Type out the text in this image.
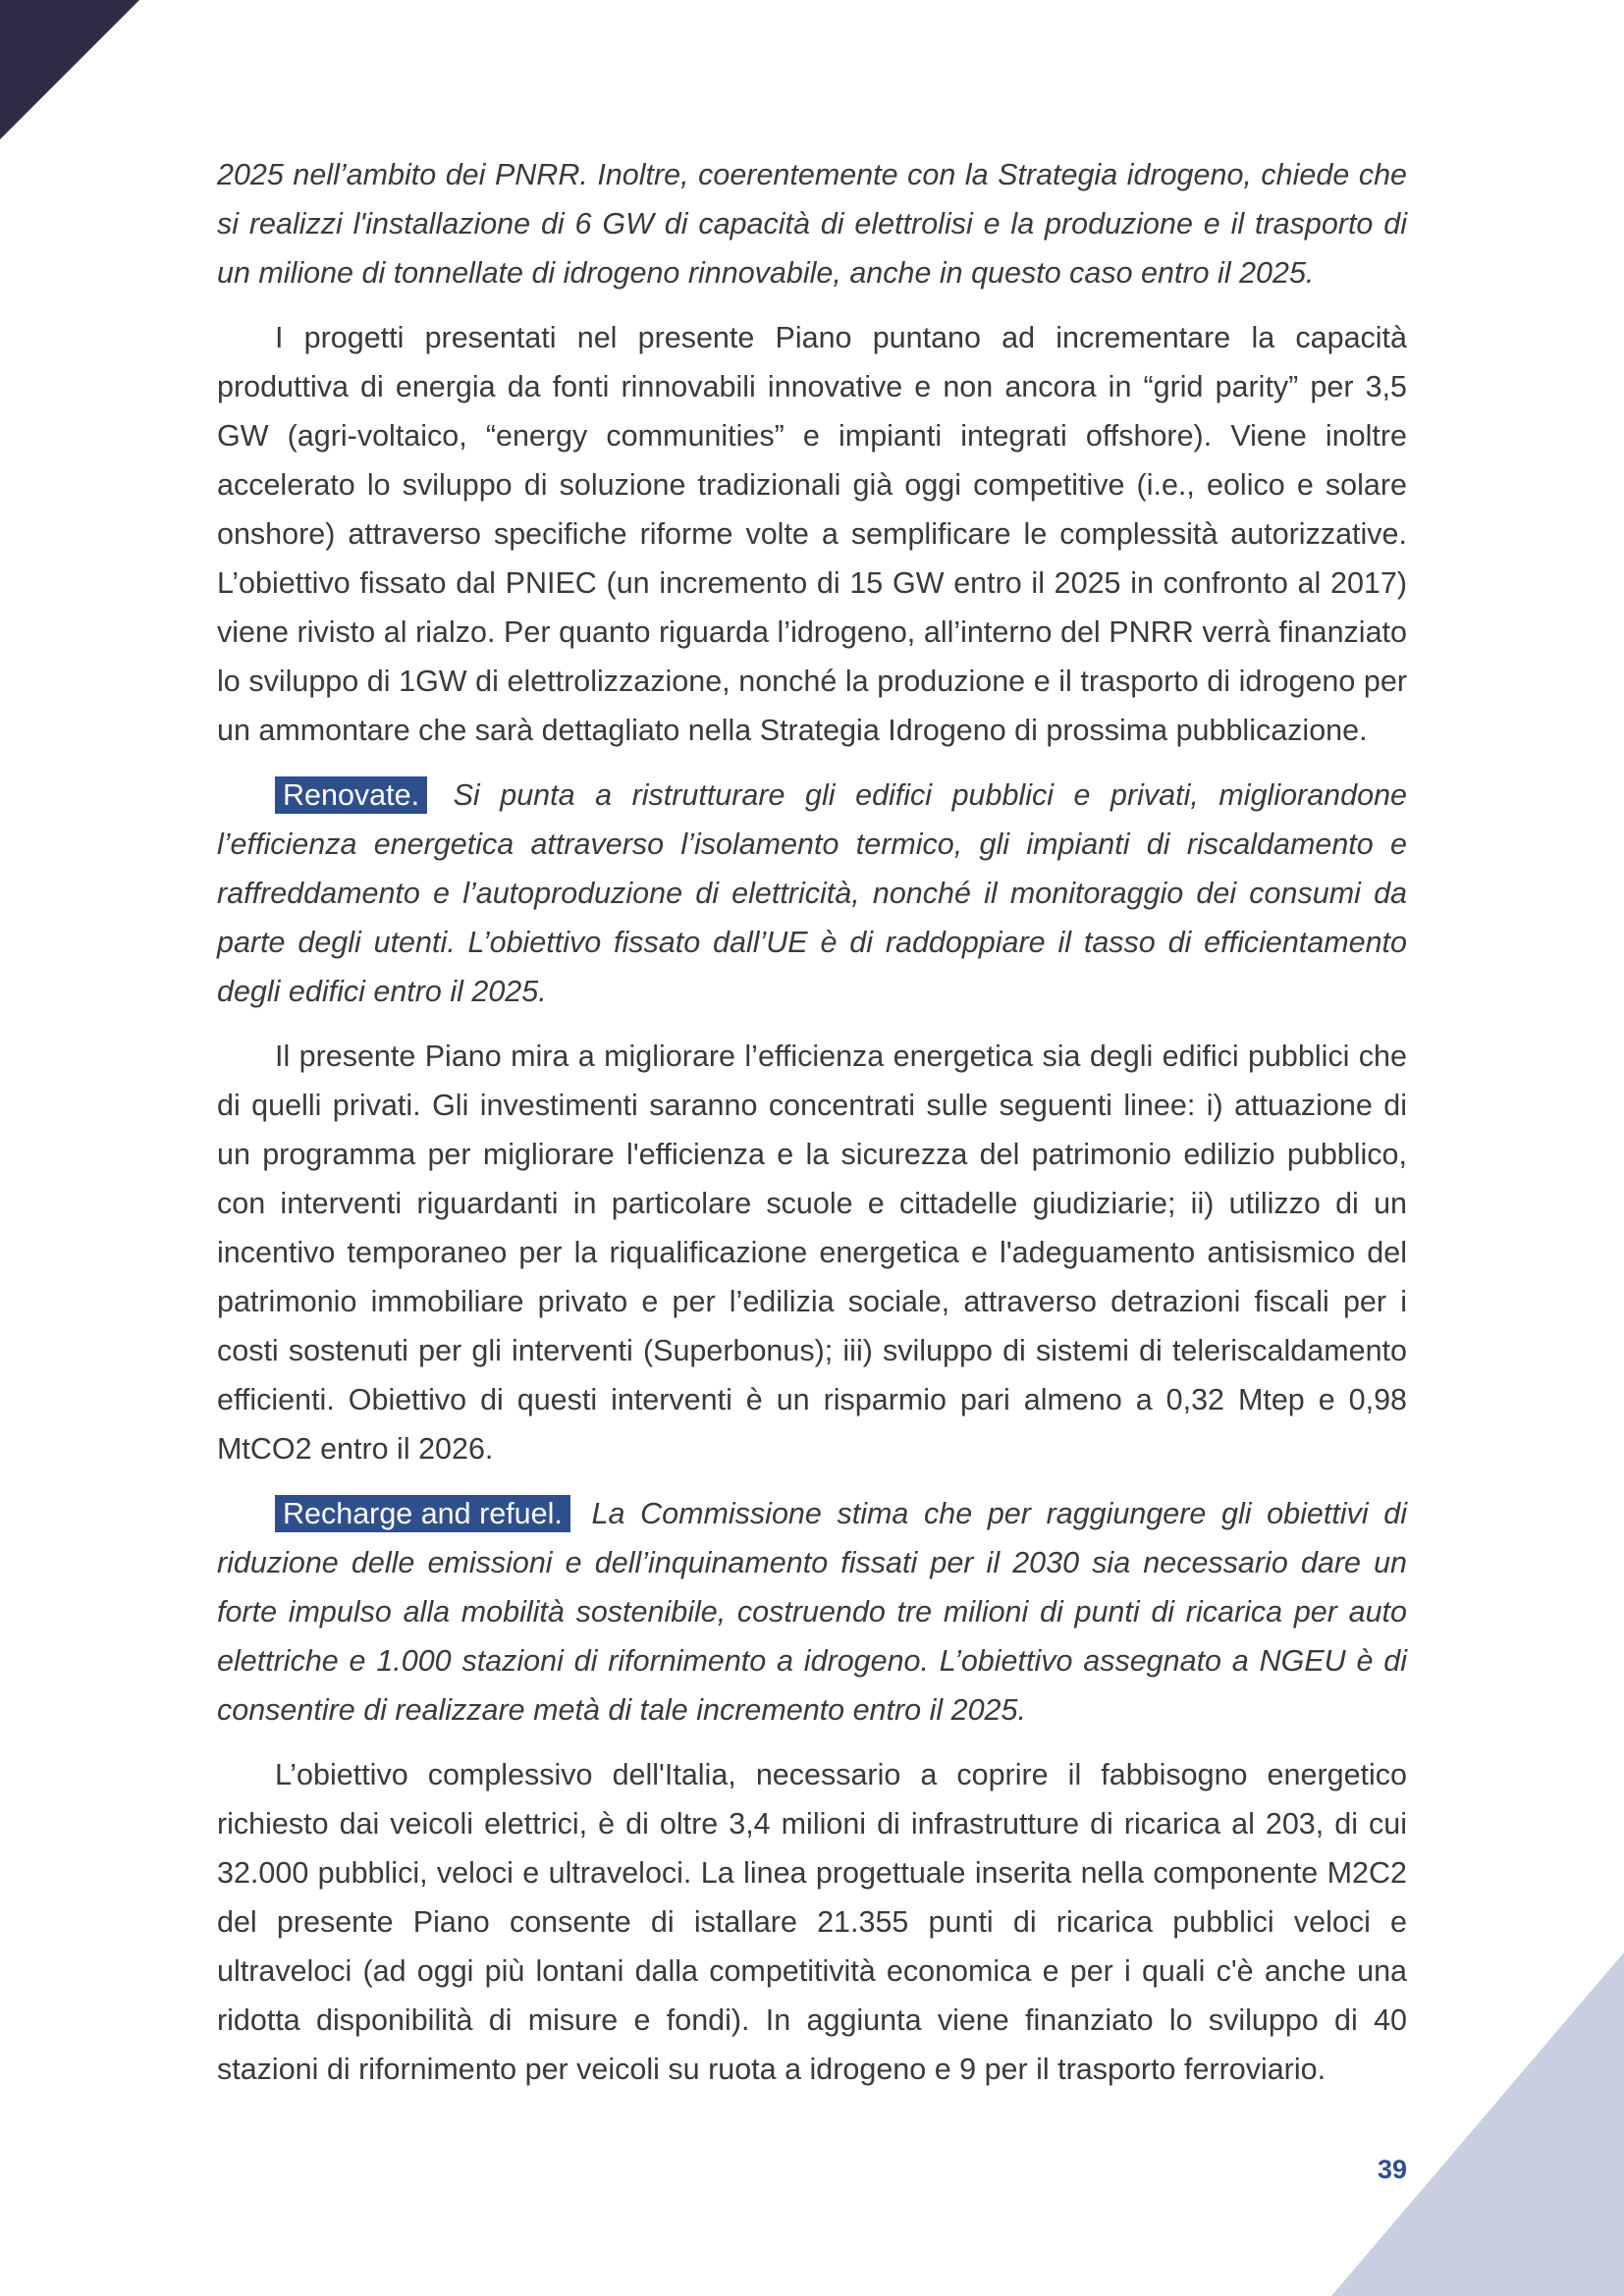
2025 nell’ambito dei PNRR. Inoltre, coerentemente con la Strategia idrogeno, chiede che si realizzi l'installazione di 6 GW di capacità di elettrolisi e la produzione e il trasporto di un milione di tonnellate di idrogeno rinnovabile, anche in questo caso entro il 2025.

I progetti presentati nel presente Piano puntano ad incrementare la capacità produttiva di energia da fonti rinnovabili innovative e non ancora in “grid parity” per 3,5 GW (agri-voltaico, “energy communities” e impianti integrati offshore). Viene inoltre accelerato lo sviluppo di soluzione tradizionali già oggi competitive (i.e., eolico e solare onshore) attraverso specifiche riforme volte a semplificare le complessità autorizzative. L’obiettivo fissato dal PNIEC (un incremento di 15 GW entro il 2025 in confronto al 2017) viene rivisto al rialzo. Per quanto riguarda l’idrogeno, all’interno del PNRR verrà finanziato lo sviluppo di 1GW di elettrolizzazione, nonché la produzione e il trasporto di idrogeno per un ammontare che sarà dettagliato nella Strategia Idrogeno di prossima pubblicazione.

Renovate. Si punta a ristrutturare gli edifici pubblici e privati, migliorandone l’efficienza energetica attraverso l’isolamento termico, gli impianti di riscaldamento e raffreddamento e l’autoproduzione di elettricità, nonché il monitoraggio dei consumi da parte degli utenti. L’obiettivo fissato dall’UE è di raddoppiare il tasso di efficientamento degli edifici entro il 2025.

Il presente Piano mira a migliorare l’efficienza energetica sia degli edifici pubblici che di quelli privati. Gli investimenti saranno concentrati sulle seguenti linee: i) attuazione di un programma per migliorare l'efficienza e la sicurezza del patrimonio edilizio pubblico, con interventi riguardanti in particolare scuole e cittadelle giudiziarie; ii) utilizzo di un incentivo temporaneo per la riqualificazione energetica e l'adeguamento antisismico del patrimonio immobiliare privato e per l’edilizia sociale, attraverso detrazioni fiscali per i costi sostenuti per gli interventi (Superbonus); iii) sviluppo di sistemi di teleriscaldamento efficienti. Obiettivo di questi interventi è un risparmio pari almeno a 0,32 Mtep e 0,98 MtCO2 entro il 2026.

Recharge and refuel. La Commissione stima che per raggiungere gli obiettivi di riduzione delle emissioni e dell’inquinamento fissati per il 2030 sia necessario dare un forte impulso alla mobilità sostenibile, costruendo tre milioni di punti di ricarica per auto elettriche e 1.000 stazioni di rifornimento a idrogeno. L’obiettivo assegnato a NGEU è di consentire di realizzare metà di tale incremento entro il 2025.

L’obiettivo complessivo dell'Italia, necessario a coprire il fabbisogno energetico richiesto dai veicoli elettrici, è di oltre 3,4 milioni di infrastrutture di ricarica al 203, di cui 32.000 pubblici, veloci e ultraveloci. La linea progettuale inserita nella componente M2C2 del presente Piano consente di istallare 21.355 punti di ricarica pubblici veloci e ultraveloci (ad oggi più lontani dalla competitività economica e per i quali c'è anche una ridotta disponibilità di misure e fondi). In aggiunta viene finanziato lo sviluppo di 40 stazioni di rifornimento per veicoli su ruota a idrogeno e 9 per il trasporto ferroviario.

39
